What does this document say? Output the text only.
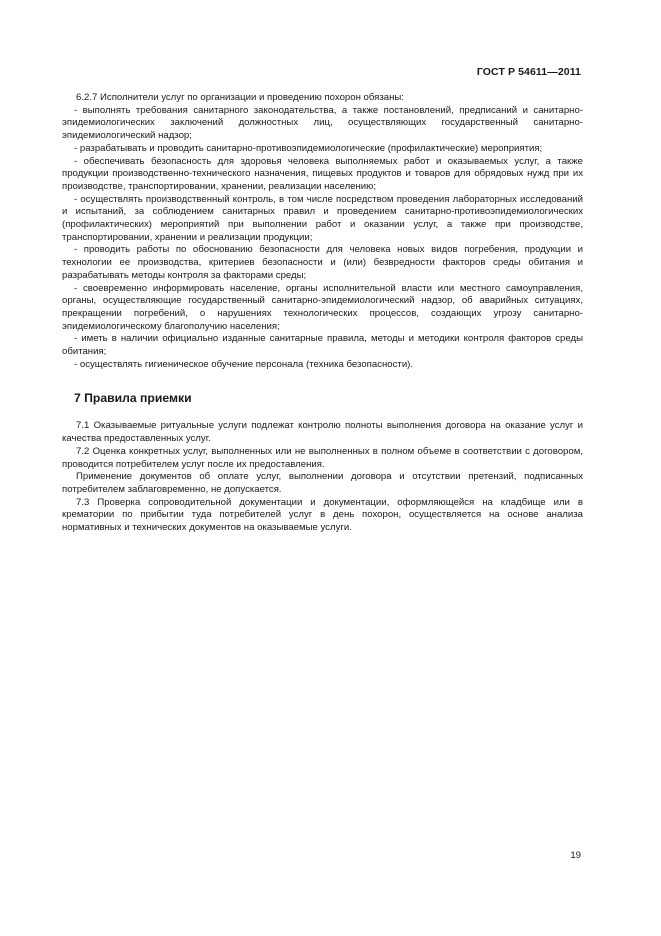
ГОСТ Р 54611—2011

6.2.7 Исполнители услуг по организации и проведению похорон обязаны:

- выполнять требования санитарного законодательства, а также постановлений, предписаний и санитарно-эпидемиологических заключений должностных лиц, осуществляющих государственный санитарно-эпидемиологический надзор;

- разрабатывать и проводить санитарно-противоэпидемиологические (профилактические) мероприятия;

- обеспечивать безопасность для здоровья человека выполняемых работ и оказываемых услуг, а также продукции производственно-технического назначения, пищевых продуктов и товаров для обрядовых нужд при их производстве, транспортировании, хранении, реализации населению;

- осуществлять производственный контроль, в том числе посредством проведения лабораторных исследований и испытаний, за соблюдением санитарных правил и проведением санитарно-противоэпидемиологических (профилактических) мероприятий при выполнении работ и оказании услуг, а также при производстве, транспортировании, хранении и реализации продукции;

- проводить работы по обоснованию безопасности для человека новых видов погребения, продукции и технологии ее производства, критериев безопасности и (или) безвредности факторов среды обитания и разрабатывать методы контроля за факторами среды;

- своевременно информировать население, органы исполнительной власти или местного самоуправления, органы, осуществляющие государственный санитарно-эпидемиологический надзор, об аварийных ситуациях, прекращении погребений, о нарушениях технологических процессов, создающих угрозу санитарно-эпидемиологическому благополучию населения;

- иметь в наличии официально изданные санитарные правила, методы и методики контроля факторов среды обитания;

- осуществлять гигиеническое обучение персонала (техника безопасности).

7 Правила приемки

7.1 Оказываемые ритуальные услуги подлежат контролю полноты выполнения договора на оказание услуг и качества предоставленных услуг.

7.2 Оценка конкретных услуг, выполненных или не выполненных в полном объеме в соответствии с договором, проводится потребителем услуг после их предоставления.

Применение документов об оплате услуг, выполнении договора и отсутствии претензий, подписанных потребителем заблаговременно, не допускается.

7.3 Проверка сопроводительной документации и документации, оформляющейся на кладбище или в крематории по прибытии туда потребителей услуг в день похорон, осуществляется на основе анализа нормативных и технических документов на оказываемые услуги.

19
